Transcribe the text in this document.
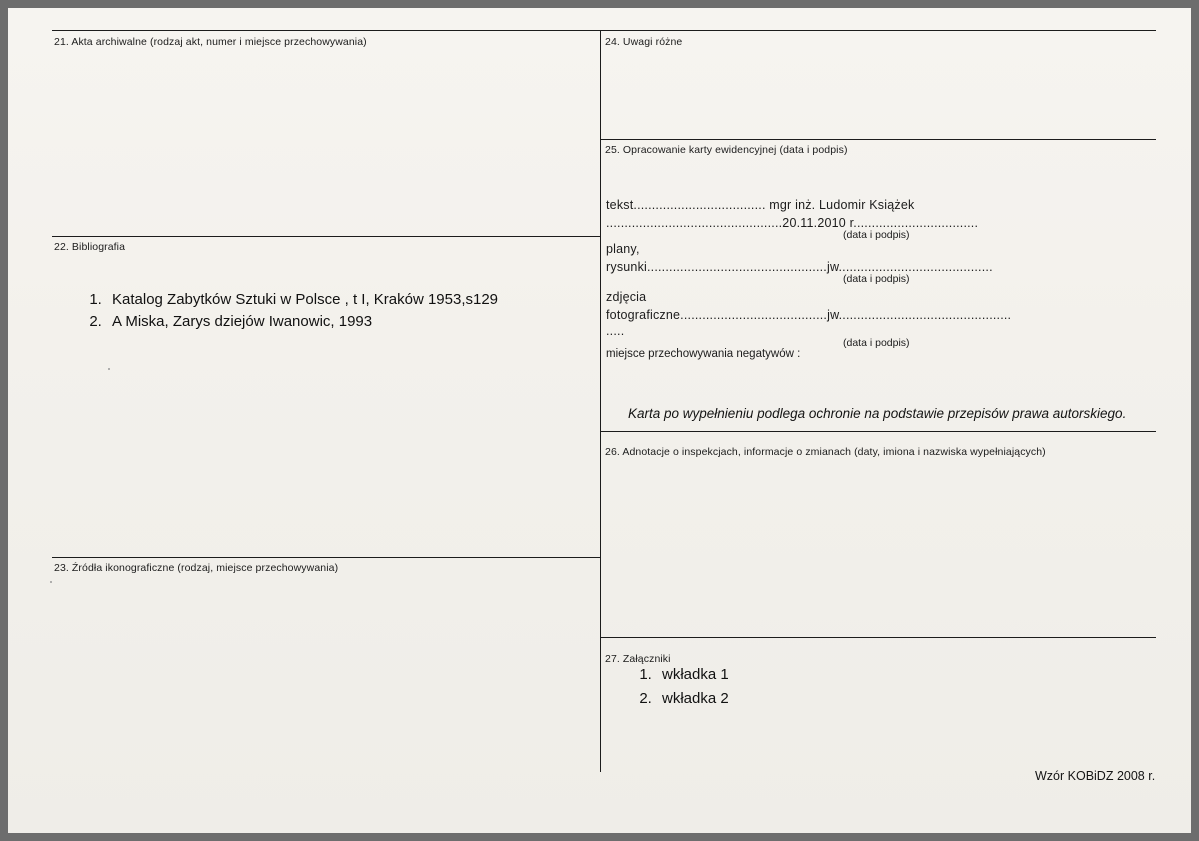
21. Akta archiwalne (rodzaj akt, numer i miejsce przechowywania)
22. Bibliografia
1. Katalog Zabytków Sztuki w Polsce , t I, Kraków 1953,s129
2. A Miska, Zarys dziejów Iwanowic, 1993
23. Źródła ikonograficzne (rodzaj, miejsce przechowywania)
24. Uwagi różne
25. Opracowanie karty ewidencyjnej (data i podpis)
tekst.................................... mgr inż. Ludomir Książek
................................................20.11.2010 r..................................
(data i podpis)
plany,
rysunki.................................................jw..........................................
(data i podpis)
zdjęcia
fotograficzne........................................jw...............................................
.....
(data i podpis)
miejsce przechowywania negatywów :
Karta po wypełnieniu podlega ochronie na podstawie przepisów prawa autorskiego.
26. Adnotacje o inspekcjach, informacje o zmianach (daty, imiona i nazwiska wypełniających)
27. Załączniki
1. wkładka 1
2. wkładka 2
Wzór KOBiDZ 2008 r.
